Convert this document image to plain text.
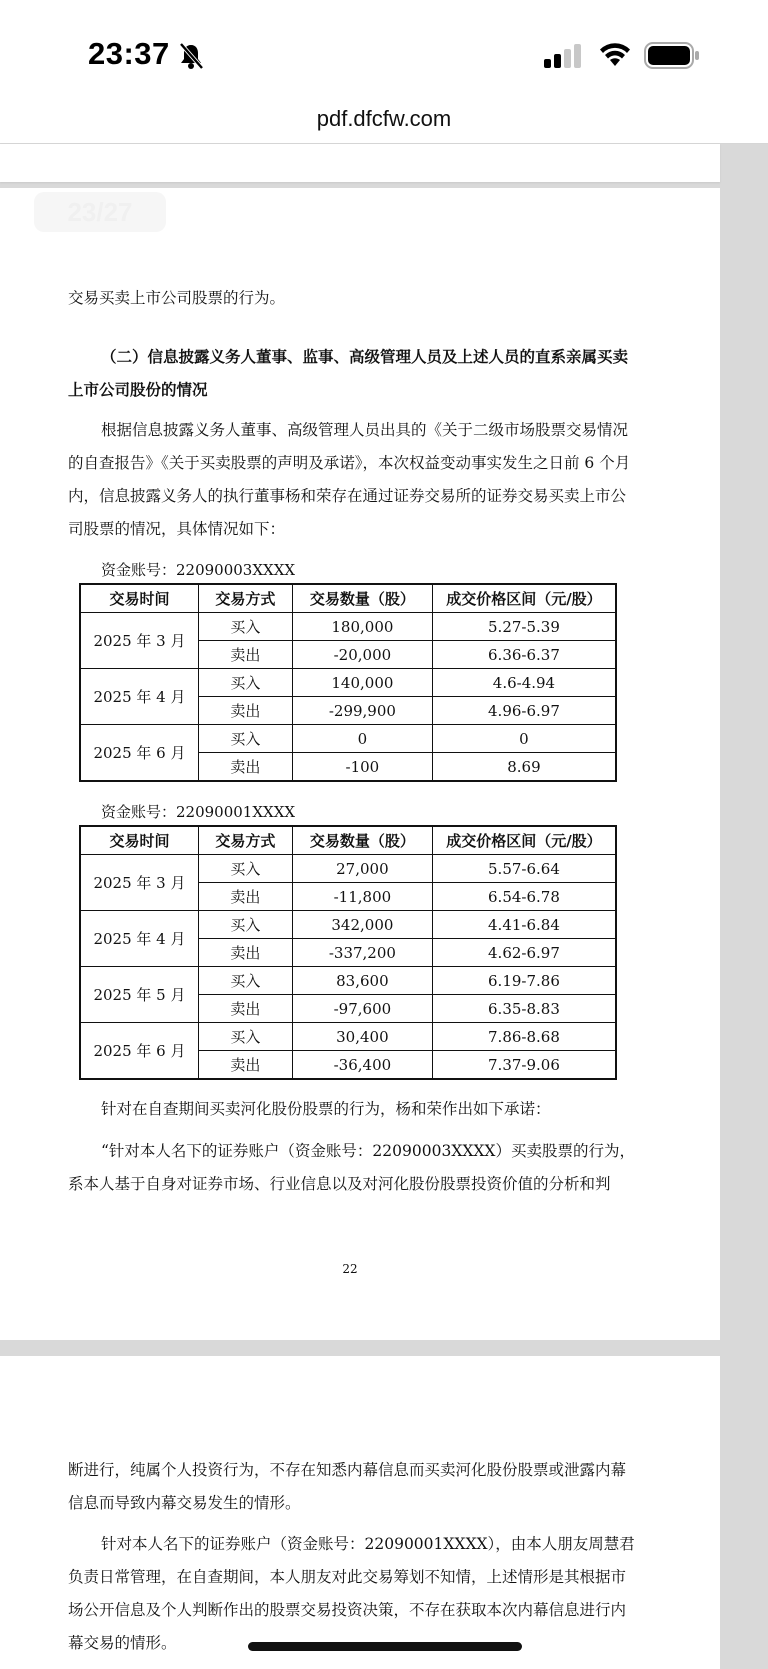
23:37
pdf.dfcfw.com
23/27
交易买卖上市公司股票的行为。
（二）信息披露义务人董事、监事、高级管理人员及上述人员的直系亲属买卖上市公司股份的情况
根据信息披露义务人董事、高级管理人员出具的《关于二级市场股票交易情况的自查报告》《关于买卖股票的声明及承诺》，本次权益变动事实发生之日前 6 个月内，信息披露义务人的执行董事杨和荣存在通过证券交易所的证券交易买卖上市公司股票的情况，具体情况如下：
资金账号：22090003XXXX
交易时间	交易方式	交易数量（股）	成交价格区间（元/股）
2025 年 3 月	买入	180,000	5.27-5.39
	卖出	-20,000	6.36-6.37
2025 年 4 月	买入	140,000	4.6-4.94
	卖出	-299,900	4.96-6.97
2025 年 6 月	买入	0	0
	卖出	-100	8.69
资金账号：22090001XXXX
交易时间	交易方式	交易数量（股）	成交价格区间（元/股）
2025 年 3 月	买入	27,000	5.57-6.64
	卖出	-11,800	6.54-6.78
2025 年 4 月	买入	342,000	4.41-6.84
	卖出	-337,200	4.62-6.97
2025 年 5 月	买入	83,600	6.19-7.86
	卖出	-97,600	6.35-8.83
2025 年 6 月	买入	30,400	7.86-8.68
	卖出	-36,400	7.37-9.06
针对在自查期间买卖河化股份股票的行为，杨和荣作出如下承诺：
“针对本人名下的证券账户（资金账号：22090003XXXX）买卖股票的行为，系本人基于自身对证券市场、行业信息以及对河化股份股票投资价值的分析和判
22
断进行，纯属个人投资行为，不存在知悉内幕信息而买卖河化股份股票或泄露内幕信息而导致内幕交易发生的情形。
针对本人名下的证券账户（资金账号：22090001XXXX），由本人朋友周慧君负责日常管理，在自查期间，本人朋友对此交易筹划不知情，上述情形是其根据市场公开信息及个人判断作出的股票交易投资决策，不存在获取本次内幕信息进行内幕交易的情形。
